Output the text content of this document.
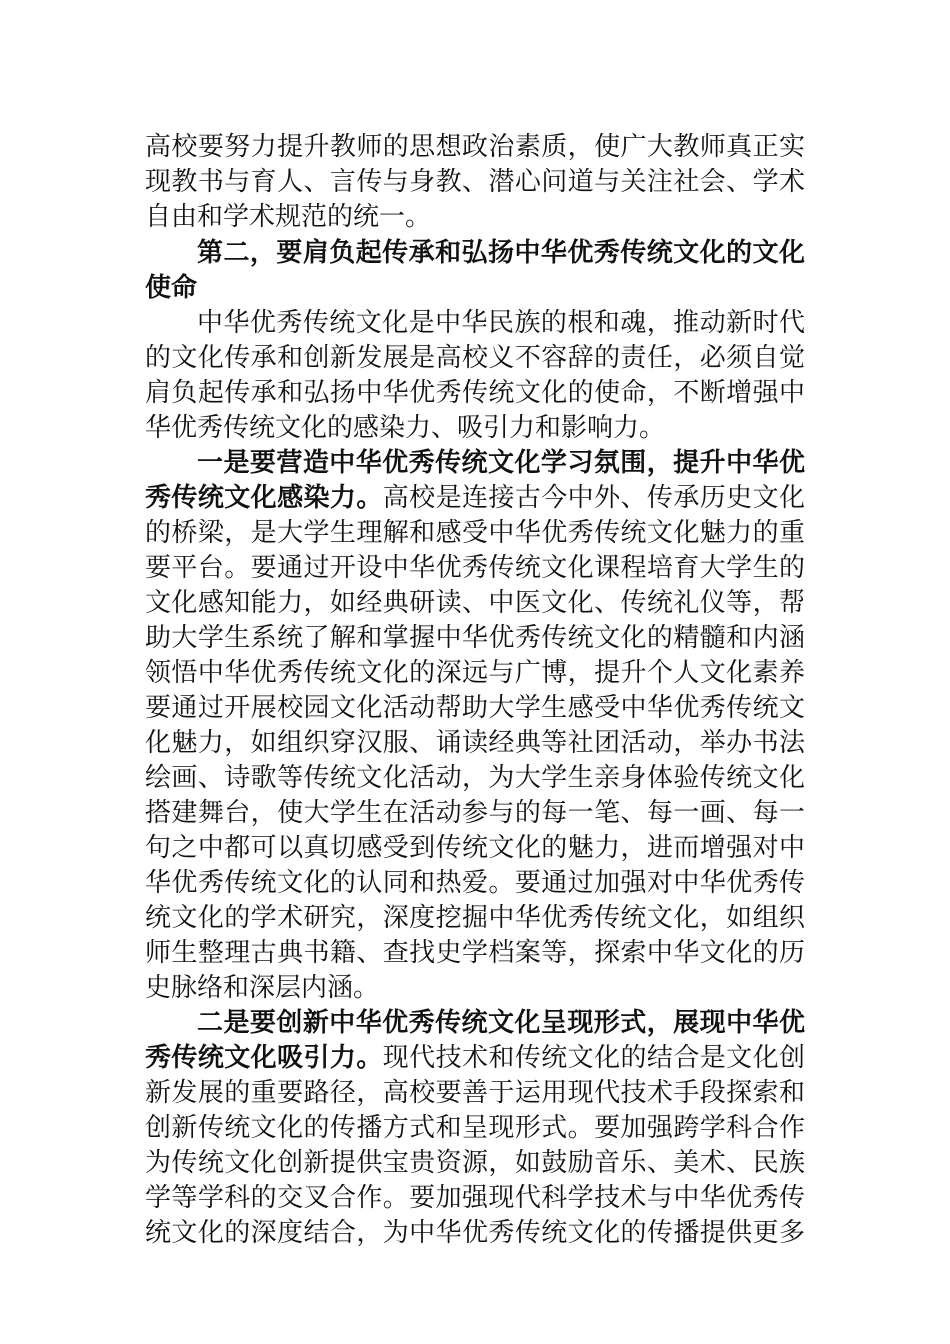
高校要努力提升教师的思想政治素质，使广大教师真正实
现教书与育人、言传与身教、潜心问道与关注社会、学术
自由和学术规范的统一。
第二，要肩负起传承和弘扬中华优秀传统文化的文化
使命
中华优秀传统文化是中华民族的根和魂，推动新时代
的文化传承和创新发展是高校义不容辞的责任，必须自觉
肩负起传承和弘扬中华优秀传统文化的使命，不断增强中
华优秀传统文化的感染力、吸引力和影响力。
一是要营造中华优秀传统文化学习氛围，提升中华优
秀传统文化感染力。高校是连接古今中外、传承历史文化
的桥梁，是大学生理解和感受中华优秀传统文化魅力的重
要平台。要通过开设中华优秀传统文化课程培育大学生的
文化感知能力，如经典研读、中医文化、传统礼仪等，帮
助大学生系统了解和掌握中华优秀传统文化的精髓和内涵
领悟中华优秀传统文化的深远与广博，提升个人文化素养
要通过开展校园文化活动帮助大学生感受中华优秀传统文
化魅力，如组织穿汉服、诵读经典等社团活动，举办书法
绘画、诗歌等传统文化活动，为大学生亲身体验传统文化
搭建舞台，使大学生在活动参与的每一笔、每一画、每一
句之中都可以真切感受到传统文化的魅力，进而增强对中
华优秀传统文化的认同和热爱。要通过加强对中华优秀传
统文化的学术研究，深度挖掘中华优秀传统文化，如组织
师生整理古典书籍、查找史学档案等，探索中华文化的历
史脉络和深层内涵。
二是要创新中华优秀传统文化呈现形式，展现中华优
秀传统文化吸引力。现代技术和传统文化的结合是文化创
新发展的重要路径，高校要善于运用现代技术手段探索和
创新传统文化的传播方式和呈现形式。要加强跨学科合作
为传统文化创新提供宝贵资源，如鼓励音乐、美术、民族
学等学科的交叉合作。要加强现代科学技术与中华优秀传
统文化的深度结合，为中华优秀传统文化的传播提供更多
